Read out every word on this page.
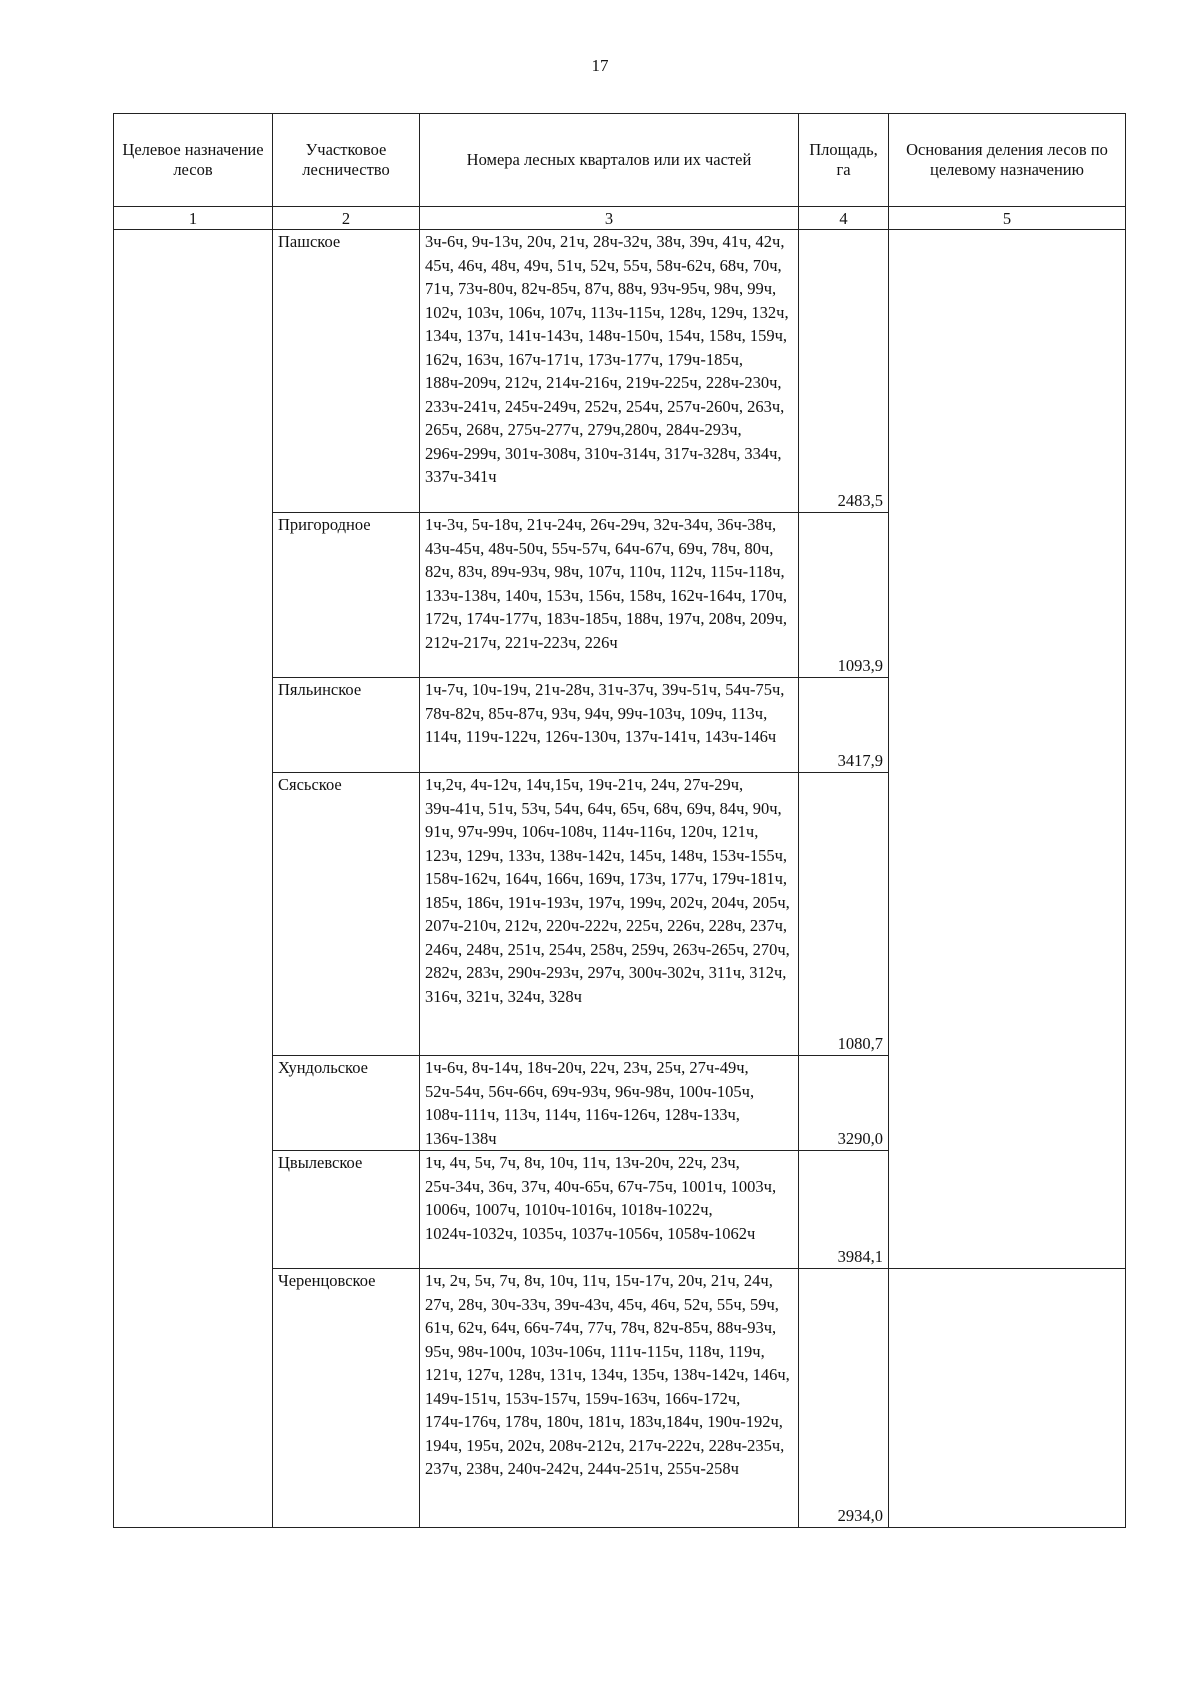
17
Целевое назначение лесов	Участковое лесничество	Номера лесных кварталов или их частей	Площадь, га	Основания деления лесов по целевому назначению
1	2	3	4	5
	Пашское	3ч-6ч, 9ч-13ч, 20ч, 21ч, 28ч-32ч, 38ч, 39ч, 41ч, 42ч, 45ч, 46ч, 48ч, 49ч, 51ч, 52ч, 55ч, 58ч-62ч, 68ч, 70ч, 71ч, 73ч-80ч, 82ч-85ч, 87ч, 88ч, 93ч-95ч, 98ч, 99ч, 102ч, 103ч, 106ч, 107ч, 113ч-115ч, 128ч, 129ч, 132ч, 134ч, 137ч, 141ч-143ч, 148ч-150ч, 154ч, 158ч, 159ч, 162ч, 163ч, 167ч-171ч, 173ч-177ч, 179ч-185ч, 188ч-209ч, 212ч, 214ч-216ч, 219ч-225ч, 228ч-230ч, 233ч-241ч, 245ч-249ч, 252ч, 254ч, 257ч-260ч, 263ч, 265ч, 268ч, 275ч-277ч, 279ч,280ч, 284ч-293ч, 296ч-299ч, 301ч-308ч, 310ч-314ч, 317ч-328ч, 334ч, 337ч-341ч	2483,5	
	Пригородное	1ч-3ч, 5ч-18ч, 21ч-24ч, 26ч-29ч, 32ч-34ч, 36ч-38ч, 43ч-45ч, 48ч-50ч, 55ч-57ч, 64ч-67ч, 69ч, 78ч, 80ч, 82ч, 83ч, 89ч-93ч, 98ч, 107ч, 110ч, 112ч, 115ч-118ч, 133ч-138ч, 140ч, 153ч, 156ч, 158ч, 162ч-164ч, 170ч, 172ч, 174ч-177ч, 183ч-185ч, 188ч, 197ч, 208ч, 209ч, 212ч-217ч, 221ч-223ч, 226ч	1093,9	
	Пяльинское	1ч-7ч, 10ч-19ч, 21ч-28ч, 31ч-37ч, 39ч-51ч, 54ч-75ч, 78ч-82ч, 85ч-87ч, 93ч, 94ч, 99ч-103ч, 109ч, 113ч, 114ч, 119ч-122ч, 126ч-130ч, 137ч-141ч, 143ч-146ч	3417,9	
	Сясьское	1ч,2ч, 4ч-12ч, 14ч,15ч, 19ч-21ч, 24ч, 27ч-29ч, 39ч-41ч, 51ч, 53ч, 54ч, 64ч, 65ч, 68ч, 69ч, 84ч, 90ч, 91ч, 97ч-99ч, 106ч-108ч, 114ч-116ч, 120ч, 121ч, 123ч, 129ч, 133ч, 138ч-142ч, 145ч, 148ч, 153ч-155ч, 158ч-162ч, 164ч, 166ч, 169ч, 173ч, 177ч, 179ч-181ч, 185ч, 186ч, 191ч-193ч, 197ч, 199ч, 202ч, 204ч, 205ч, 207ч-210ч, 212ч, 220ч-222ч, 225ч, 226ч, 228ч, 237ч, 246ч, 248ч, 251ч, 254ч, 258ч, 259ч, 263ч-265ч, 270ч, 282ч, 283ч, 290ч-293ч, 297ч, 300ч-302ч, 311ч, 312ч, 316ч, 321ч, 324ч, 328ч	1080,7	
	Хундольское	1ч-6ч, 8ч-14ч, 18ч-20ч, 22ч, 23ч, 25ч, 27ч-49ч, 52ч-54ч, 56ч-66ч, 69ч-93ч, 96ч-98ч, 100ч-105ч, 108ч-111ч, 113ч, 114ч, 116ч-126ч, 128ч-133ч, 136ч-138ч	3290,0	
	Цвылевское	1ч, 4ч, 5ч, 7ч, 8ч, 10ч, 11ч, 13ч-20ч, 22ч, 23ч, 25ч-34ч, 36ч, 37ч, 40ч-65ч, 67ч-75ч, 1001ч, 1003ч, 1006ч, 1007ч, 1010ч-1016ч, 1018ч-1022ч, 1024ч-1032ч, 1035ч, 1037ч-1056ч, 1058ч-1062ч	3984,1	
	Черенцовское	1ч, 2ч, 5ч, 7ч, 8ч, 10ч, 11ч, 15ч-17ч, 20ч, 21ч, 24ч, 27ч, 28ч, 30ч-33ч, 39ч-43ч, 45ч, 46ч, 52ч, 55ч, 59ч, 61ч, 62ч, 64ч, 66ч-74ч, 77ч, 78ч, 82ч-85ч, 88ч-93ч, 95ч, 98ч-100ч, 103ч-106ч, 111ч-115ч, 118ч, 119ч, 121ч, 127ч, 128ч, 131ч, 134ч, 135ч, 138ч-142ч, 146ч, 149ч-151ч, 153ч-157ч, 159ч-163ч, 166ч-172ч, 174ч-176ч, 178ч, 180ч, 181ч, 183ч,184ч, 190ч-192ч, 194ч, 195ч, 202ч, 208ч-212ч, 217ч-222ч, 228ч-235ч, 237ч, 238ч, 240ч-242ч, 244ч-251ч, 255ч-258ч	2934,0	
